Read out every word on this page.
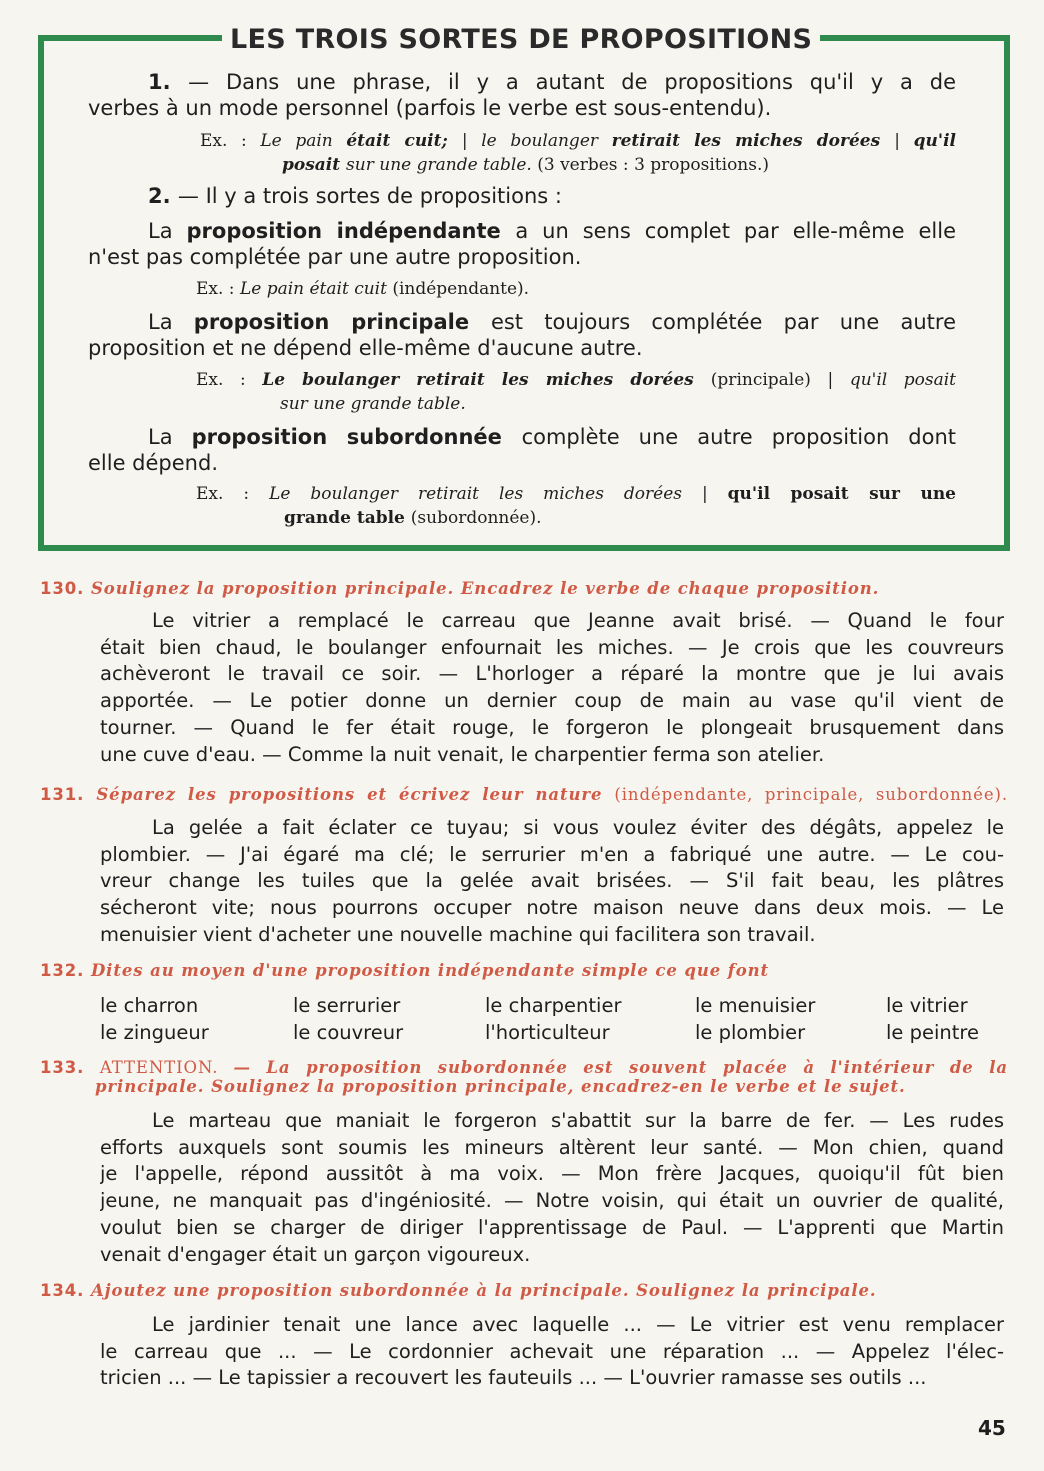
LES TROIS SORTES DE PROPOSITIONS
1. — Dans une phrase, il y a autant de propositions qu'il y a de
verbes à un mode personnel (parfois le verbe est sous-entendu).
Ex. : Le pain était cuit; | le boulanger retirait les miches dorées | qu'il
posait sur une grande table. (3 verbes : 3 propositions.)
2. — Il y a trois sortes de propositions :
La proposition indépendante a un sens complet par elle-même elle
n'est pas complétée par une autre proposition.
Ex. : Le pain était cuit (indépendante).
La proposition principale est toujours complétée par une autre
proposition et ne dépend elle-même d'aucune autre.
Ex. : Le boulanger retirait les miches dorées (principale) | qu'il posait
sur une grande table.
La proposition subordonnée complète une autre proposition dont
elle dépend.
Ex. : Le boulanger retirait les miches dorées | qu'il posait sur une
grande table (subordonnée).
130. Soulignez la proposition principale. Encadrez le verbe de chaque proposition.
Le vitrier a remplacé le carreau que Jeanne avait brisé. — Quand le four
était bien chaud, le boulanger enfournait les miches. — Je crois que les couvreurs
achèveront le travail ce soir. — L'horloger a réparé la montre que je lui avais
apportée. — Le potier donne un dernier coup de main au vase qu'il vient de
tourner. — Quand le fer était rouge, le forgeron le plongeait brusquement dans
une cuve d'eau. — Comme la nuit venait, le charpentier ferma son atelier.
131. Séparez les propositions et écrivez leur nature (indépendante, principale, subordonnée).
La gelée a fait éclater ce tuyau; si vous voulez éviter des dégâts, appelez le
plombier. — J'ai égaré ma clé; le serrurier m'en a fabriqué une autre. — Le cou-
vreur change les tuiles que la gelée avait brisées. — S'il fait beau, les plâtres
sécheront vite; nous pourrons occuper notre maison neuve dans deux mois. — Le
menuisier vient d'acheter une nouvelle machine qui facilitera son travail.
132. Dites au moyen d'une proposition indépendante simple ce que font
le charron	le serrurier	le charpentier	le menuisier	le vitrier
le zingueur	le couvreur	l'horticulteur	le plombier	le peintre
133. ATTENTION. — La proposition subordonnée est souvent placée à l'intérieur de la
principale. Soulignez la proposition principale, encadrez-en le verbe et le sujet.
Le marteau que maniait le forgeron s'abattit sur la barre de fer. — Les rudes
efforts auxquels sont soumis les mineurs altèrent leur santé. — Mon chien, quand
je l'appelle, répond aussitôt à ma voix. — Mon frère Jacques, quoiqu'il fût bien
jeune, ne manquait pas d'ingéniosité. — Notre voisin, qui était un ouvrier de qualité,
voulut bien se charger de diriger l'apprentissage de Paul. — L'apprenti que Martin
venait d'engager était un garçon vigoureux.
134. Ajoutez une proposition subordonnée à la principale. Soulignez la principale.
Le jardinier tenait une lance avec laquelle ... — Le vitrier est venu remplacer
le carreau que ... — Le cordonnier achevait une réparation ... — Appelez l'élec-
tricien ... — Le tapissier a recouvert les fauteuils ... — L'ouvrier ramasse ses outils ...
45
